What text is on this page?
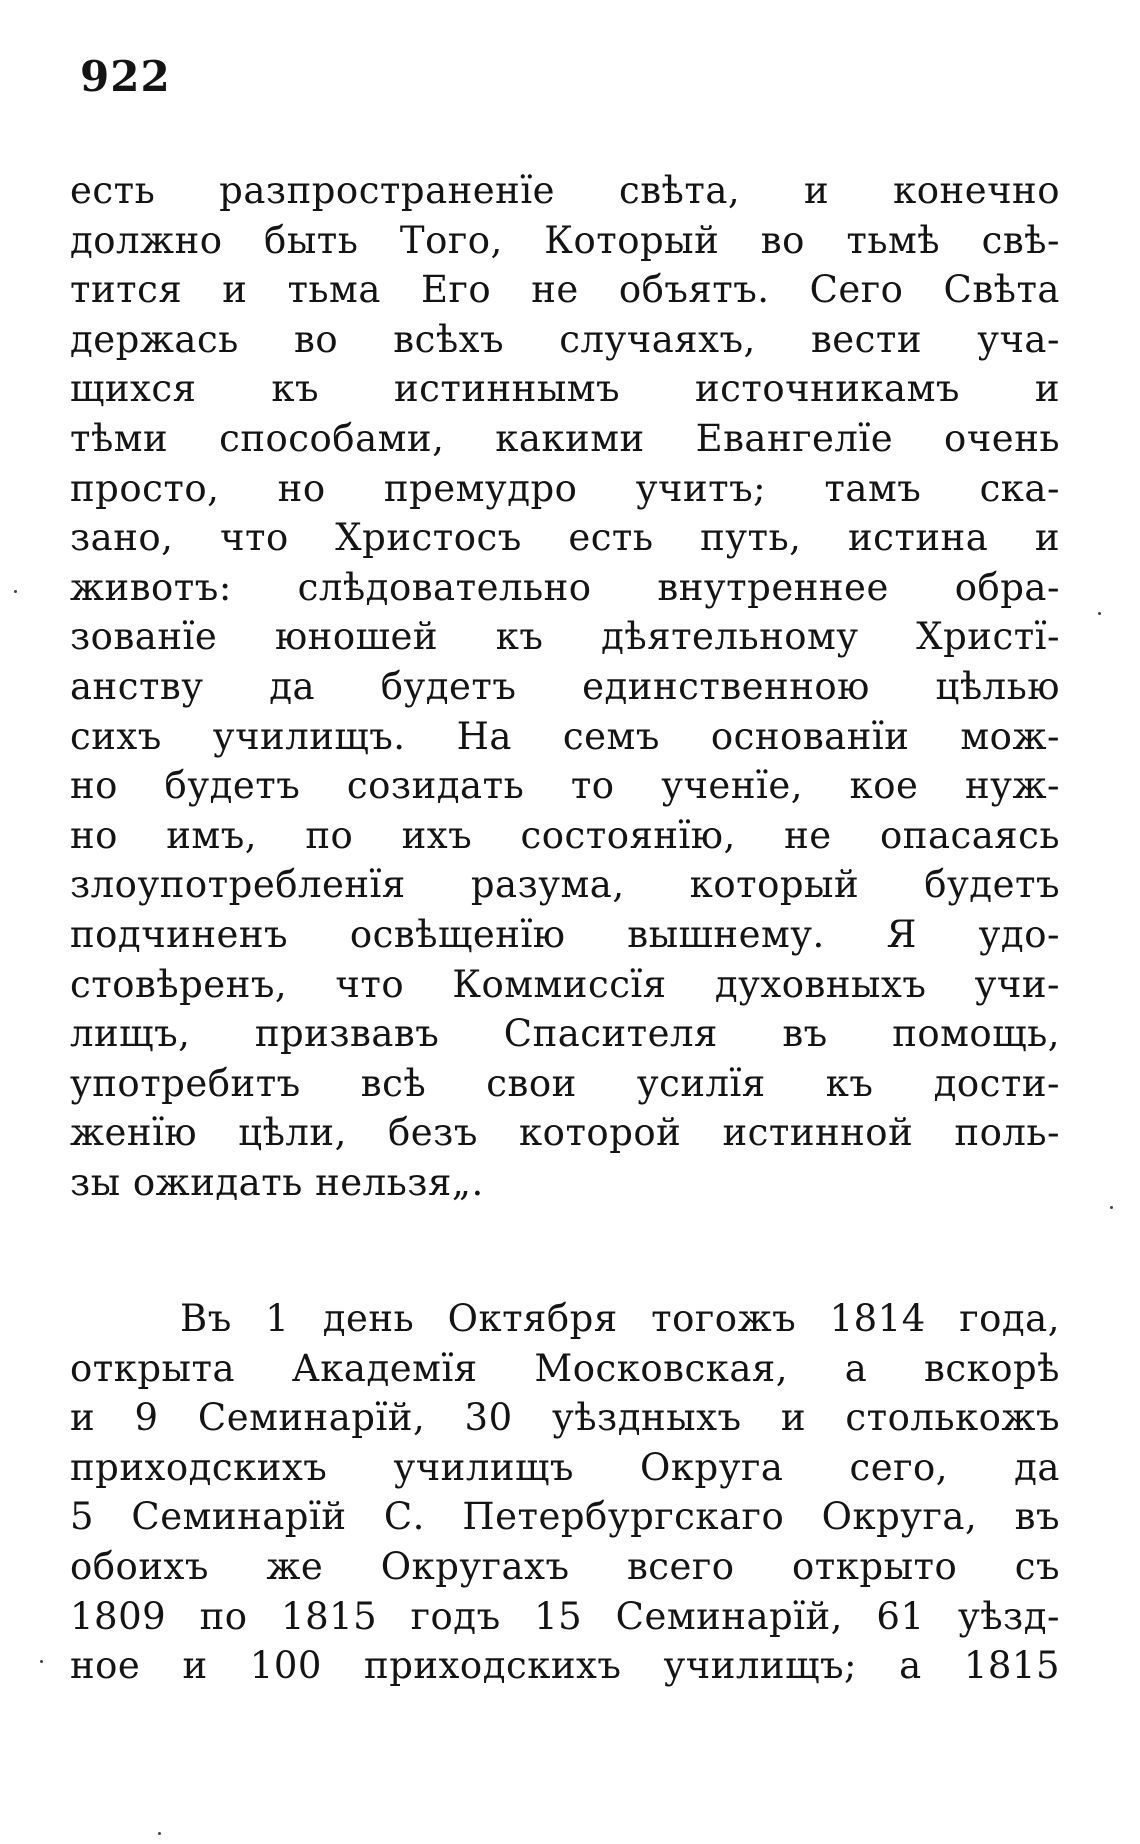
922
есть разпространенїе свѣта, и конечно
должно быть Того, Который во тьмѣ свѣ-
тится и тьма Его не объятъ. Сего Свѣта
держась во всѣхъ случаяхъ, вести уча-
щихся къ истиннымъ источникамъ и
тѣми способами, какими Евангелїе очень
просто, но премудро учитъ; тамъ ска-
зано, что Христосъ есть путь, истина и
животъ: слѣдовательно внутреннее обра-
зованїе юношей къ дѣятельному Христї-
анству да будетъ единственною цѣлью
сихъ училищъ. На семъ основанїи мож-
но будетъ созидать то ученїе, кое нуж-
но имъ, по ихъ состоянїю, не опасаясь
злоупотребленїя разума, который будетъ
подчиненъ освѣщенїю вышнему. Я удо-
стовѣренъ, что Коммиссїя духовныхъ учи-
лищъ, призвавъ Спасителя въ помощь,
употребитъ всѣ свои усилїя къ дости-
женїю цѣли, безъ которой истинной поль-
зы ожидать нельзя„.
Въ 1 день Октября тогожъ 1814 года,
открыта Академїя Московская, а вскорѣ
и 9 Семинарїй, 30 уѣздныхъ и столькожъ
приходскихъ училищъ Округа сего, да
5 Семинарїй С. Петербургскаго Округа, въ
обоихъ же Округахъ всего открыто съ
1809 по 1815 годъ 15 Семинарїй, 61 уѣзд-
ное и 100 приходскихъ училищъ; а 1815
